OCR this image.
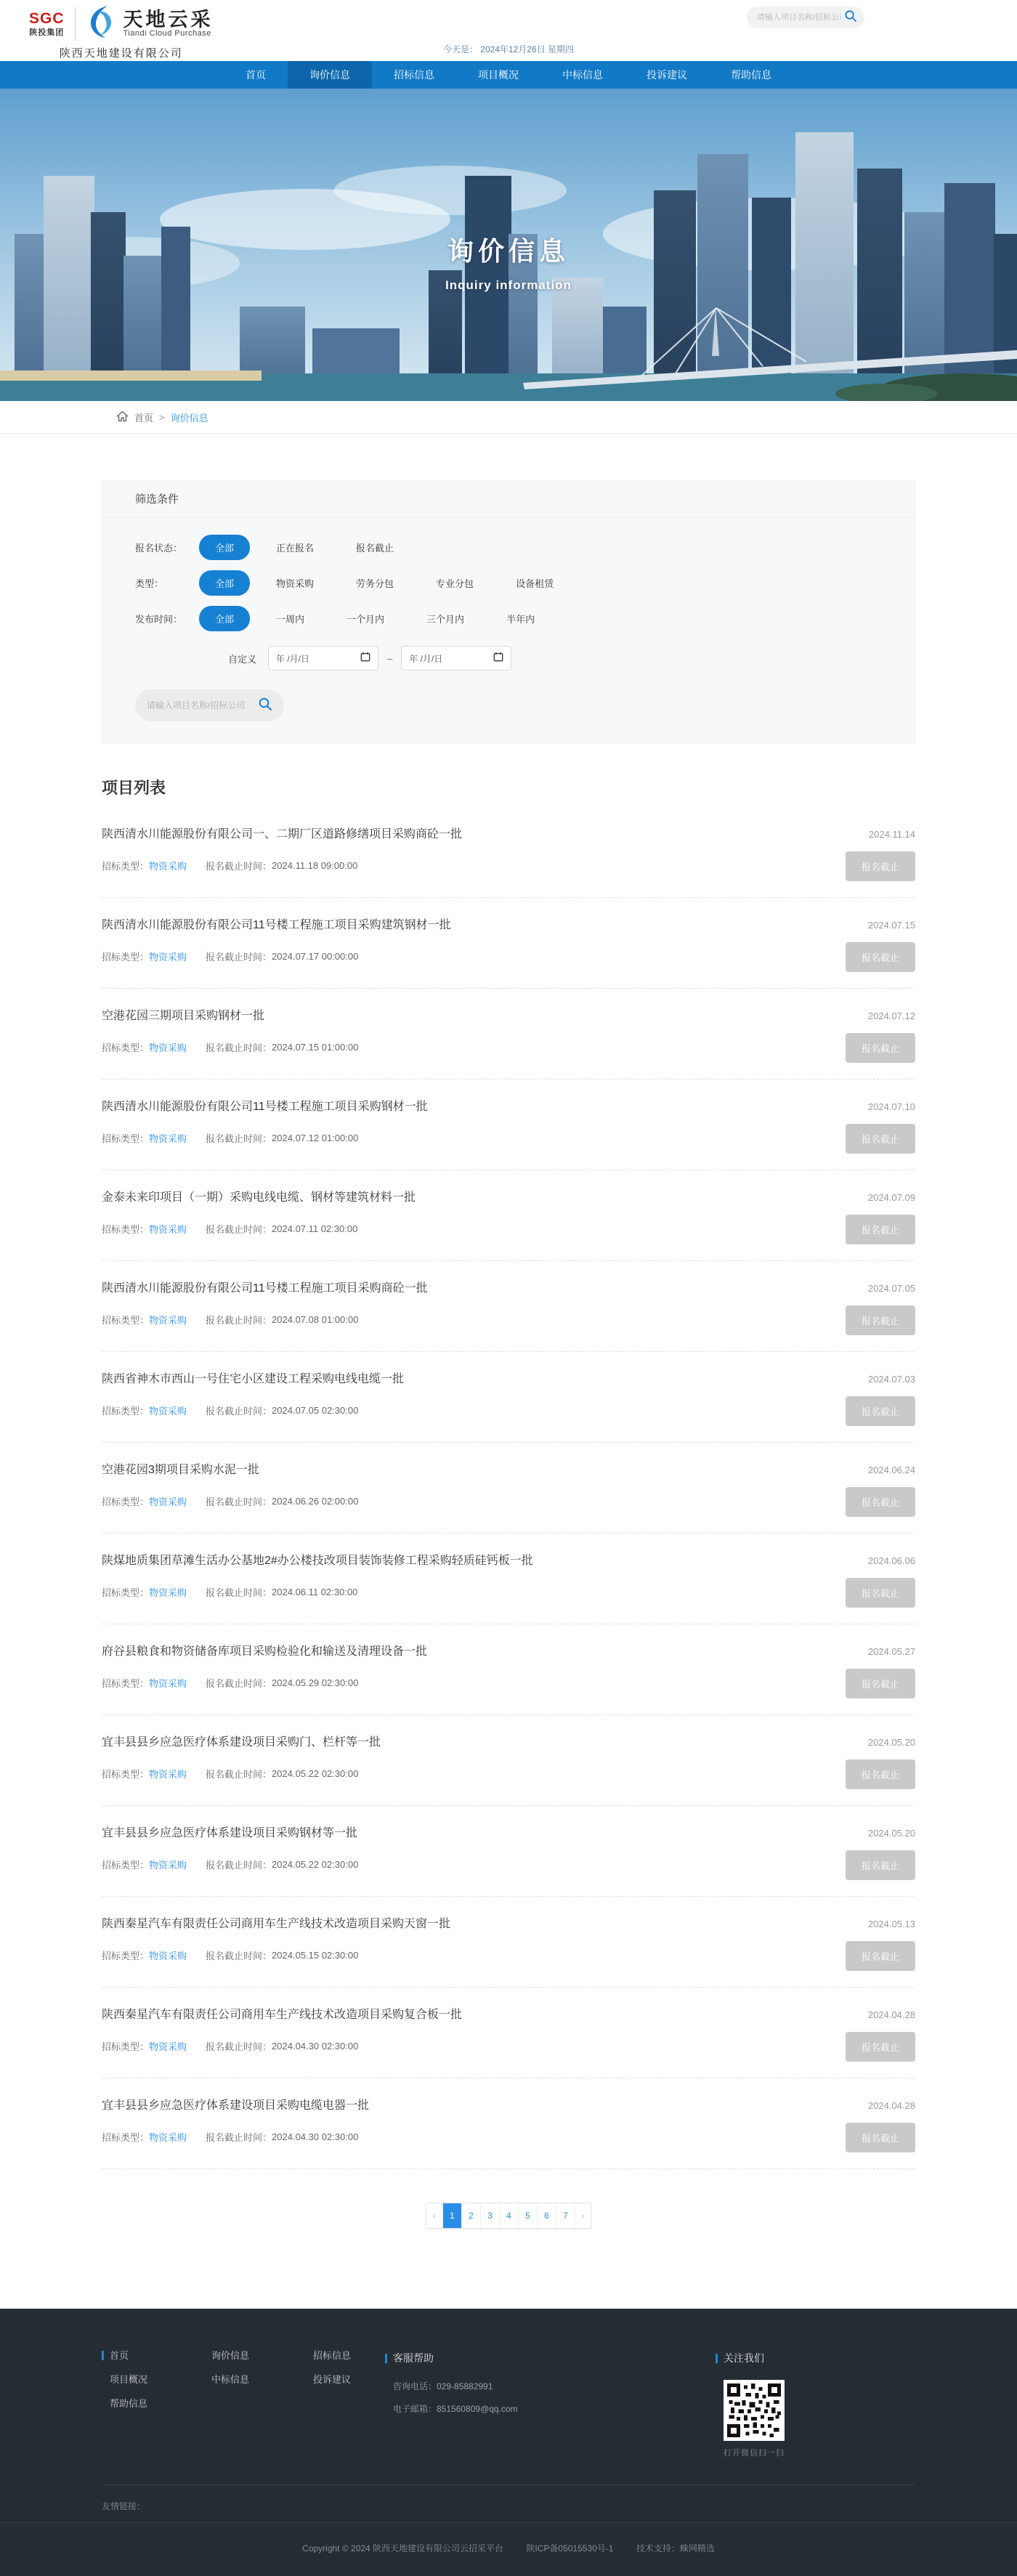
SGC
陕投集团
天地云采
Tiandi Cloud Purchase
陕西天地建设有限公司	今天是： 2024年12月26日 星期四
请输入项目名称/招标公司
首页	询价信息	招标信息	项目概况	中标信息	投诉建议	帮助信息
询价信息
Inquiry information
首页 > 询价信息
筛选条件
报名状态：	全部	正在报名	报名截止
类型：	全部	物资采购	劳务分包	专业分包	设备租赁
发布时间：	全部	一周内	一个月内	三个月内	半年内
自定义 年 /月/日	– 年 /月/日
请输入项目名称/招标公司
项目列表
陕西清水川能源股份有限公司一、二期厂区道路修缮项目采购商砼一批
招标类型： 物资采购 报名截止时间： 2024.11.18 09:00:00
2024.11.14
报名截止
陕西清水川能源股份有限公司11号楼工程施工项目采购建筑钢材一批
招标类型： 物资采购 报名截止时间： 2024.07.17 00:00:00
2024.07.15
报名截止
空港花园三期项目采购钢材一批
招标类型： 物资采购 报名截止时间： 2024.07.15 01:00:00
2024.07.12
报名截止
陕西清水川能源股份有限公司11号楼工程施工项目采购钢材一批
招标类型： 物资采购 报名截止时间： 2024.07.12 01:00:00
2024.07.10
报名截止
金泰未来印项目（一期）采购电线电缆、钢材等建筑材料一批
招标类型： 物资采购 报名截止时间： 2024.07.11 02:30:00
2024.07.09
报名截止
陕西清水川能源股份有限公司11号楼工程施工项目采购商砼一批
招标类型： 物资采购 报名截止时间： 2024.07.08 01:00:00
2024.07.05
报名截止
陕西省神木市西山一号住宅小区建设工程采购电线电缆一批
招标类型： 物资采购 报名截止时间： 2024.07.05 02:30:00
2024.07.03
报名截止
空港花园3期项目采购水泥一批
招标类型： 物资采购 报名截止时间： 2024.06.26 02:00:00
2024.06.24
报名截止
陕煤地质集团草滩生活办公基地2#办公楼技改项目装饰装修工程采购轻质硅钙板一批
招标类型： 物资采购 报名截止时间： 2024.06.11 02:30:00
2024.06.06
报名截止
府谷县粮食和物资储备库项目采购检验化和输送及清理设备一批
招标类型： 物资采购 报名截止时间： 2024.05.29 02:30:00
2024.05.27
报名截止
宜丰县县乡应急医疗体系建设项目采购门、栏杆等一批
招标类型： 物资采购 报名截止时间： 2024.05.22 02:30:00
2024.05.20
报名截止
宜丰县县乡应急医疗体系建设项目采购钢材等一批
招标类型： 物资采购 报名截止时间： 2024.05.22 02:30:00
2024.05.20
报名截止
陕西秦星汽车有限责任公司商用车生产线技术改造项目采购天窗一批
招标类型： 物资采购 报名截止时间： 2024.05.15 02:30:00
2024.05.13
报名截止
陕西秦星汽车有限责任公司商用车生产线技术改造项目采购复合板一批
招标类型： 物资采购 报名截止时间： 2024.04.30 02:30:00
2024.04.28
报名截止
宜丰县县乡应急医疗体系建设项目采购电缆电器一批
招标类型： 物资采购 报名截止时间： 2024.04.30 02:30:00
2024.04.28
报名截止
‹	1	2	3	4	5	6	7	›
首页
项目概况
帮助信息
询价信息
中标信息
招标信息
投诉建议
客服帮助
咨询电话：029-85882991
电子邮箱：851560809@qq.com
关注我们
打开微信扫一扫
友情链接：
Copyright © 2024 陕西天地建设有限公司云招采平台	陕ICP备05015530号-1	技术支持：蛛网精选
